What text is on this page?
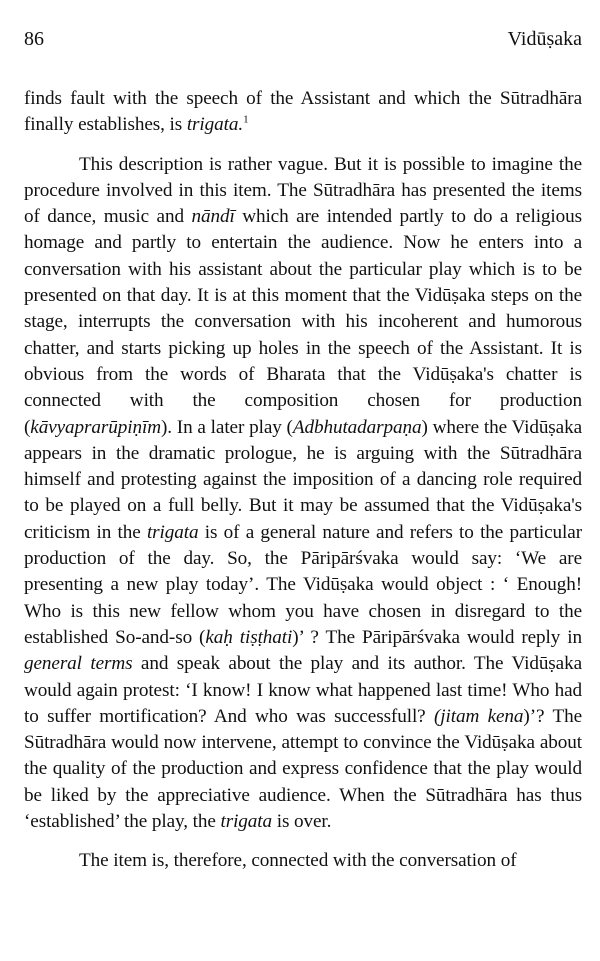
86	Vidūṣaka

finds fault with the speech of the Assistant and which the Sūtradhāra finally establishes, is trigata.$^1$

This description is rather vague. But it is possible to imagine the procedure involved in this item. The Sūtradhāra has presented the items of dance, music and nāndī which are intended partly to do a religious homage and partly to entertain the audience. Now he enters into a conversation with his assistant about the particular play which is to be presented on that day. It is at this moment that the Vidūṣaka steps on the stage, interrupts the conversation with his incoherent and humorous chatter, and starts picking up holes in the speech of the Assistant. It is obvious from the words of Bharata that the Vidūṣaka's chatter is connected with the composition chosen for production (kāvyaprarūpiṇīm). In a later play (Adbhutadarpaṇa) where the Vidūṣaka appears in the dramatic prologue, he is arguing with the Sūtradhāra himself and protesting against the imposition of a dancing role required to be played on a full belly. But it may be assumed that the Vidūṣaka's criticism in the trigata is of a general nature and refers to the particular production of the day. So, the Pāripārśvaka would say: ‘We are presenting a new play today’. The Vidūṣaka would object : ‘ Enough! Who is this new fellow whom you have chosen in disregard to the established So-and-so (kaḥ tiṣṭhati)’ ? The Pāripārśvaka would reply in general terms and speak about the play and its author. The Vidūṣaka would again protest: ‘I know! I know what happened last time! Who had to suffer mortification? And who was successfull? (jitam kena)’? The Sūtradhāra would now intervene, attempt to convince the Vidūṣaka about the quality of the production and express confidence that the play would be liked by the appreciative audience. When the Sūtradhāra has thus ‘established’ the play, the trigata is over.

The item is, therefore, connected with the conversation of
